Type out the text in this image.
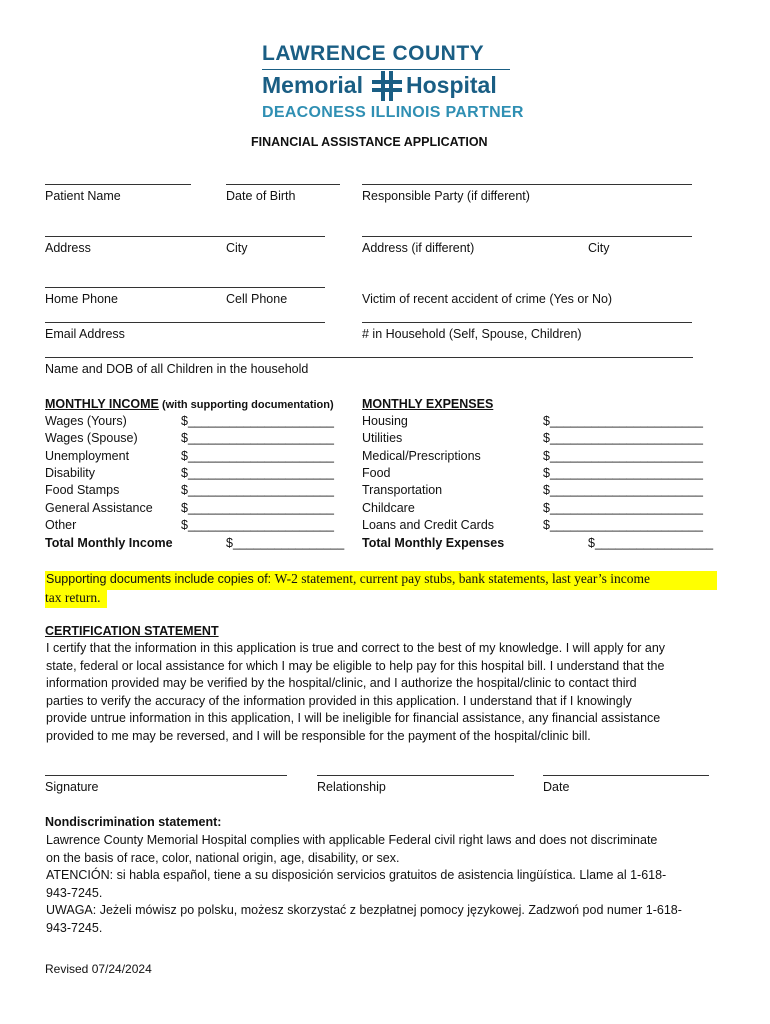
LAWRENCE COUNTY
Memorial Hospital
DEACONESS ILLINOIS PARTNER
FINANCIAL ASSISTANCE APPLICATION
Patient Name	Date of Birth	Responsible Party (if different)
Address	City	Address (if different)	City
Home Phone	Cell Phone	Victim of recent accident of crime (Yes or No)
Email Address	# in Household (Self, Spouse, Children)
Name and DOB of all Children in the household
MONTHLY INCOME (with supporting documentation) MONTHLY EXPENSES
Wages (Yours)	$_____________________
Wages (Spouse)	$_____________________
Unemployment	$_____________________
Disability	$_____________________
Food Stamps	$_____________________
General Assistance $_____________________
Other	$_____________________
Housing	$______________________
Utilities	$______________________
Medical/Prescriptions	$______________________
Food	$______________________
Transportation	$______________________
Childcare	$______________________
Loans and Credit Cards	$______________________
Total Monthly Income	$________________ Total Monthly Expenses	$_________________
Supporting documents include copies of: W-2 statement, current pay stubs, bank statements, last year’s income
tax return.
CERTIFICATION STATEMENT
I certify that the information in this application is true and correct to the best of my knowledge. I will apply for any
state, federal or local assistance for which I may be eligible to help pay for this hospital bill. I understand that the
information provided may be verified by the hospital/clinic, and I authorize the hospital/clinic to contact third
parties to verify the accuracy of the information provided in this application. I understand that if I knowingly
provide untrue information in this application, I will be ineligible for financial assistance, any financial assistance
provided to me may be reversed, and I will be responsible for the payment of the hospital/clinic bill.
Signature	Relationship	Date
Nondiscrimination statement:
Lawrence County Memorial Hospital complies with applicable Federal civil right laws and does not discriminate
on the basis of race, color, national origin, age, disability, or sex.
ATENCIÓN: si habla español, tiene a su disposición servicios gratuitos de asistencia lingüística. Llame al 1-618-
943-7245.
UWAGA: Jeżeli mówisz po polsku, możesz skorzystać z bezpłatnej pomocy językowej. Zadzwoń pod numer 1-618-
943-7245.
Revised 07/24/2024
